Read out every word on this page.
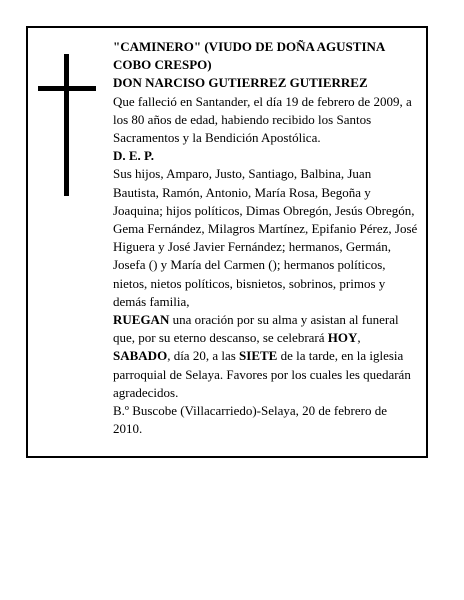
"CAMINERO" (VIUDO DE DOÑA AGUSTINA COBO CRESPO)

DON NARCISO GUTIERREZ GUTIERREZ

Que falleció en Santander, el día 19 de febrero de 2009, a los 80 años de edad, habiendo recibido los Santos Sacramentos y la Bendición Apostólica.

D. E. P.

Sus hijos, Amparo, Justo, Santiago, Balbina, Juan Bautista, Ramón, Antonio, María Rosa, Begoña y Joaquina; hijos políticos, Dimas Obregón, Jesús Obregón, Gema Fernández, Milagros Martínez, Epifanio Pérez, José Higuera y José Javier Fernández; hermanos, Germán, Josefa () y María del Carmen (); hermanos políticos, nietos, nietos políticos, bisnietos, sobrinos, primos y demás familia,

RUEGAN una oración por su alma y asistan al funeral que, por su eterno descanso, se celebrará HOY, SABADO, día 20, a las SIETE de la tarde, en la iglesia parroquial de Selaya. Favores por los cuales les quedarán agradecidos.

B.º Buscobe (Villacarriedo)-Selaya, 20 de febrero de 2010.
